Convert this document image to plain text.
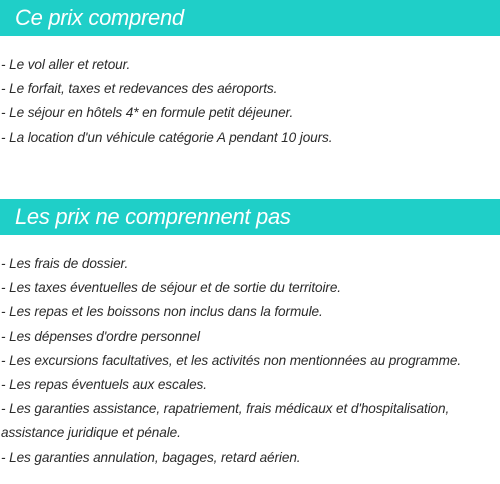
Ce prix comprend
- Le vol aller et retour.
- Le forfait, taxes et redevances des aéroports.
- Le séjour en hôtels 4* en formule petit déjeuner.
- La location d'un véhicule catégorie A pendant 10 jours.
Les prix ne comprennent pas
- Les frais de dossier.
- Les taxes éventuelles de séjour et de sortie du territoire.
- Les repas et les boissons non inclus dans la formule.
- Les dépenses d'ordre personnel
- Les excursions facultatives, et les activités non mentionnées au programme.
- Les repas éventuels aux escales.
- Les garanties assistance, rapatriement, frais médicaux et d'hospitalisation,
assistance juridique et pénale.
- Les garanties annulation, bagages, retard aérien.
